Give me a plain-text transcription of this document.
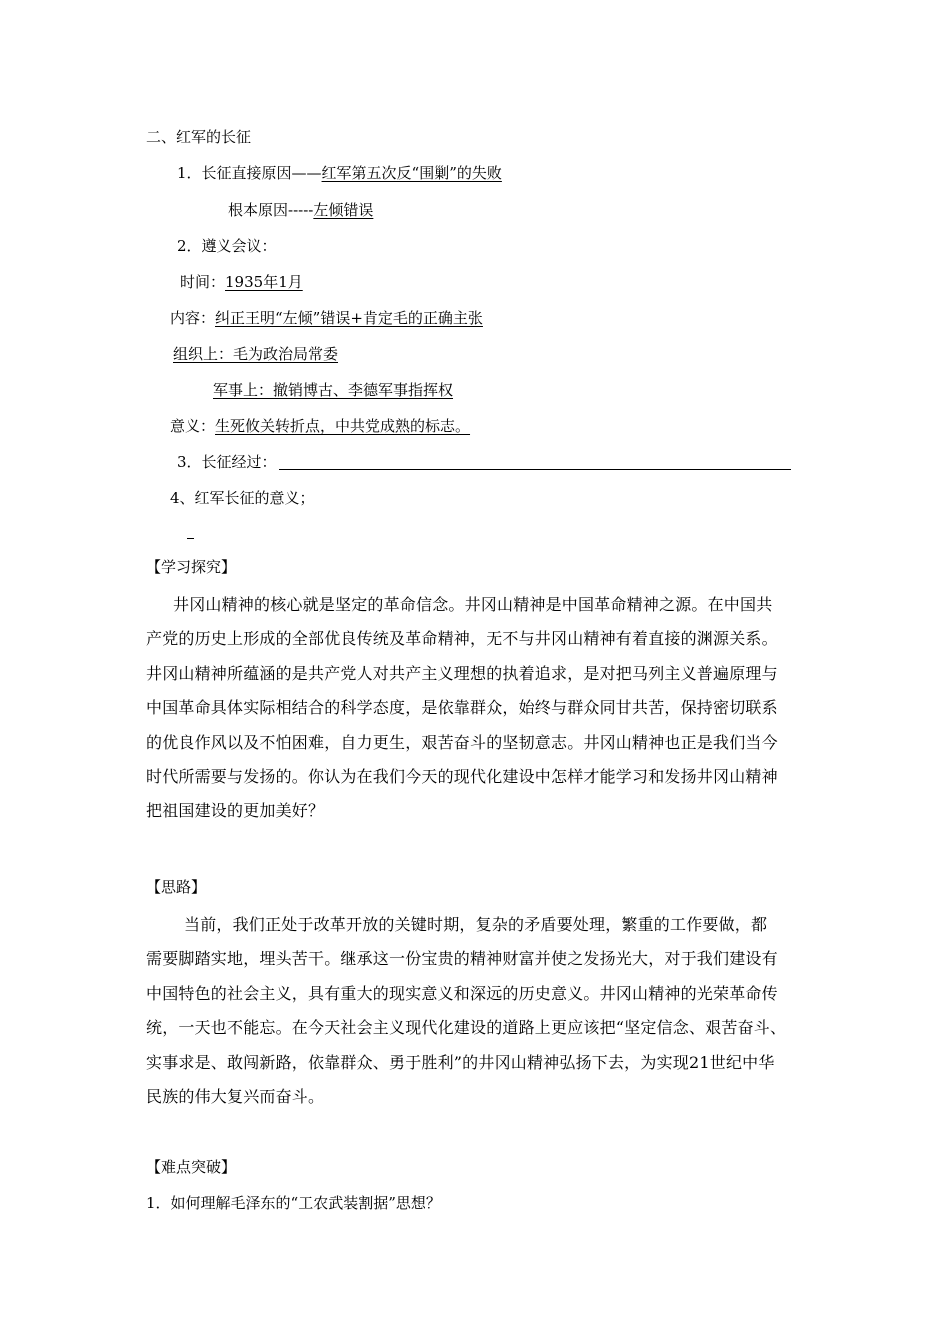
二、红军的长征

1．长征直接原因——红军第五次反“围剿”的失败

根本原因-----左倾错误

2．遵义会议：

时间：1935年1月

内容：纠正王明“左倾”错误+肯定毛的正确主张

组织上：毛为政治局常委

军事上：撤销博古、李德军事指挥权

意义：生死攸关转折点，中共党成熟的标志。

3．长征经过：

4、红军长征的意义；

【学习探究】

井冈山精神的核心就是坚定的革命信念。井冈山精神是中国革命精神之源。在中国共
产党的历史上形成的全部优良传统及革命精神，无不与井冈山精神有着直接的渊源关系。
井冈山精神所蕴涵的是共产党人对共产主义理想的执着追求，是对把马列主义普遍原理与
中国革命具体实际相结合的科学态度，是依靠群众，始终与群众同甘共苦，保持密切联系
的优良作风以及不怕困难，自力更生，艰苦奋斗的坚韧意志。井冈山精神也正是我们当今
时代所需要与发扬的。你认为在我们今天的现代化建设中怎样才能学习和发扬井冈山精神
把祖国建设的更加美好？

【思路】

当前，我们正处于改革开放的关键时期，复杂的矛盾要处理，繁重的工作要做，都
需要脚踏实地，埋头苦干。继承这一份宝贵的精神财富并使之发扬光大，对于我们建设有
中国特色的社会主义，具有重大的现实意义和深远的历史意义。井冈山精神的光荣革命传
统，一天也不能忘。在今天社会主义现代化建设的道路上更应该把“坚定信念、艰苦奋斗、
实事求是、敢闯新路，依靠群众、勇于胜利”的井冈山精神弘扬下去，为实现21世纪中华
民族的伟大复兴而奋斗。

【难点突破】

1．如何理解毛泽东的“工农武装割据”思想？
